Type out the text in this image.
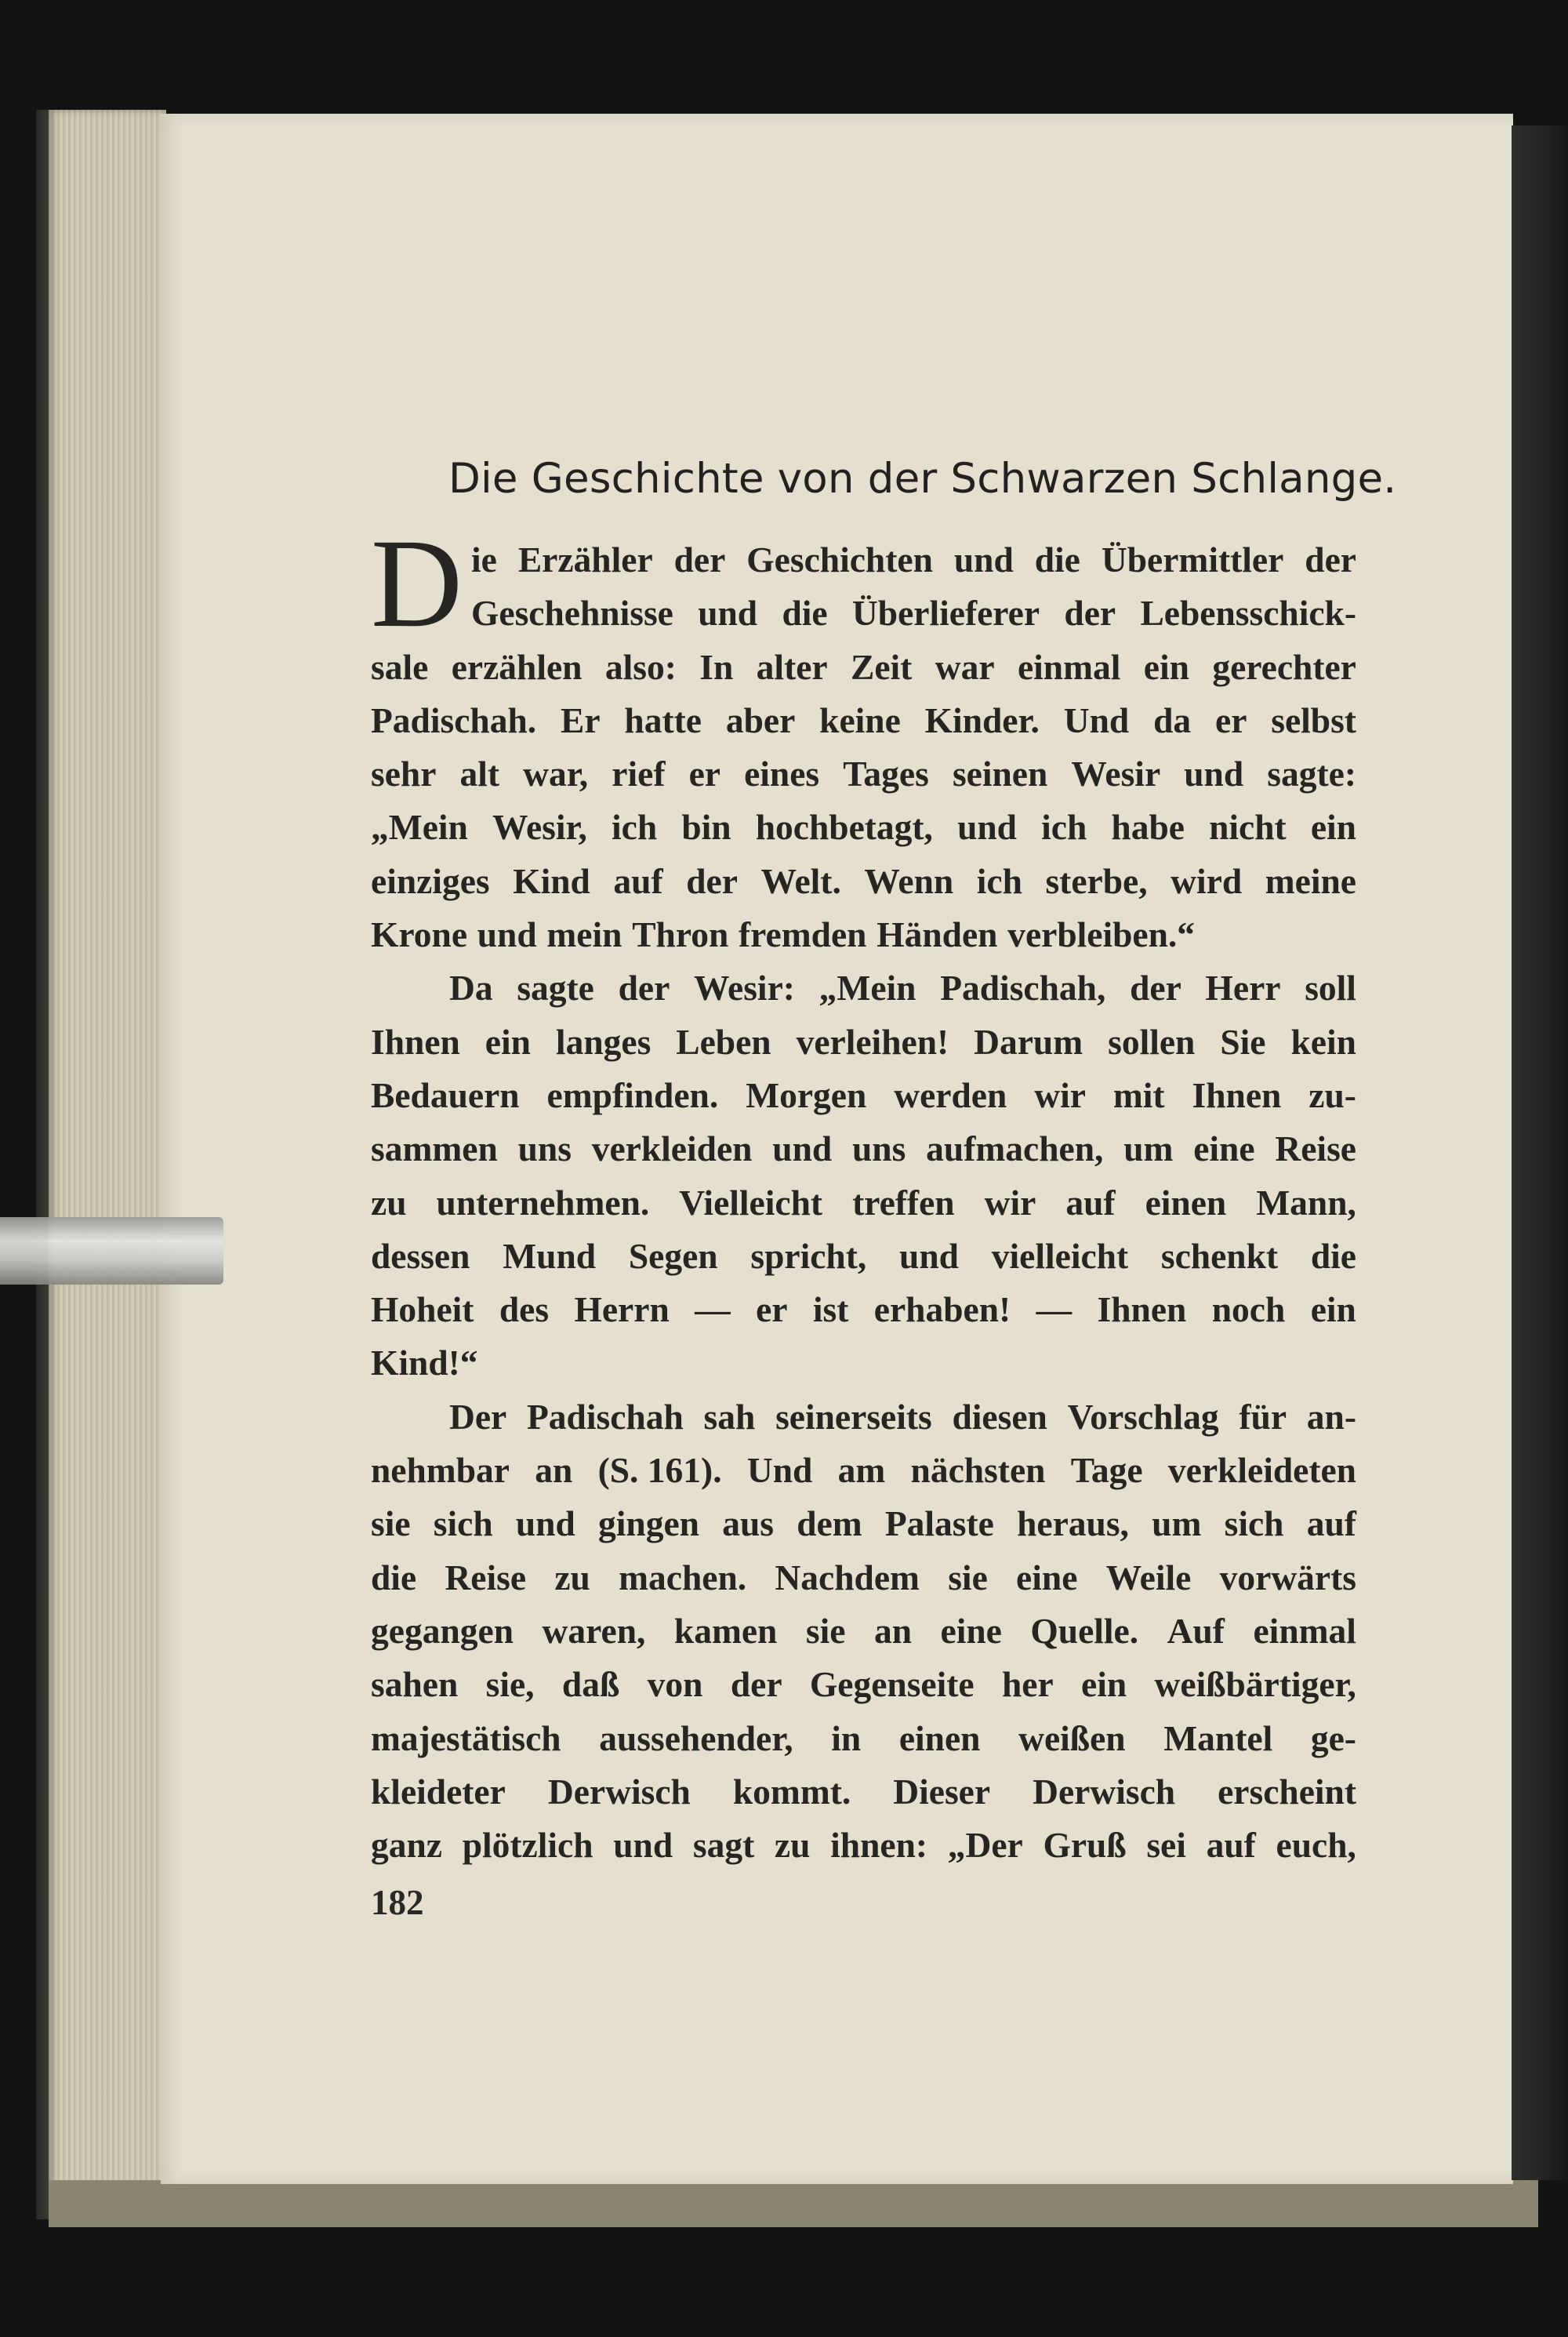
Die Geschichte von der Schwarzen Schlange.
D ie Erzähler der Geschichten und die Übermittler der
Geschehnisse und die Überlieferer der Lebensschick-
sale erzählen also: In alter Zeit war einmal ein gerechter
Padischah. Er hatte aber keine Kinder. Und da er selbst
sehr alt war, rief er eines Tages seinen Wesir und sagte:
„Mein Wesir, ich bin hochbetagt, und ich habe nicht ein
einziges Kind auf der Welt. Wenn ich sterbe, wird meine
Krone und mein Thron fremden Händen verbleiben.“
Da sagte der Wesir: „Mein Padischah, der Herr soll
Ihnen ein langes Leben verleihen! Darum sollen Sie kein
Bedauern empfinden. Morgen werden wir mit Ihnen zu-
sammen uns verkleiden und uns aufmachen, um eine Reise
zu unternehmen. Vielleicht treffen wir auf einen Mann,
dessen Mund Segen spricht, und vielleicht schenkt die
Hoheit des Herrn — er ist erhaben! — Ihnen noch ein
Kind!“
Der Padischah sah seinerseits diesen Vorschlag für an-
nehmbar an (S. 161). Und am nächsten Tage verkleideten
sie sich und gingen aus dem Palaste heraus, um sich auf
die Reise zu machen. Nachdem sie eine Weile vorwärts
gegangen waren, kamen sie an eine Quelle. Auf einmal
sahen sie, daß von der Gegenseite her ein weißbärtiger,
majestätisch aussehender, in einen weißen Mantel ge-
kleideter Derwisch kommt. Dieser Derwisch erscheint
ganz plötzlich und sagt zu ihnen: „Der Gruß sei auf euch,
182
